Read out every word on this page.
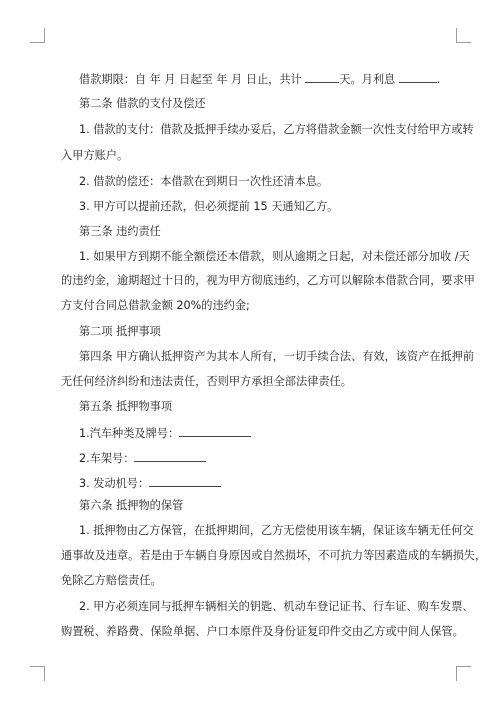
借款期限：自 年 月 日起至 年 月 日止，共计	天。月利息	.
第二条 借款的支付及偿还
1. 借款的支付：借款及抵押手续办妥后，乙方将借款金额一次性支付给甲方或转
入甲方账户。
2. 借款的偿还：本借款在到期日一次性还清本息。
3. 甲方可以提前还款，但必须提前 15 天通知乙方。
第三条 违约责任
1. 如果甲方到期不能全额偿还本借款，则从逾期之日起，对未偿还部分加收 /天
的违约金，逾期超过十日的，视为甲方彻底违约，乙方可以解除本借款合同，要求甲
方支付合同总借款金额 20%的违约金;
第二项 抵押事项
第四条 甲方确认抵押资产为其本人所有，一切手续合法、有效，该资产在抵押前
无任何经济纠纷和违法责任，否则甲方承担全部法律责任。
第五条 抵押物事项
1.汽车种类及牌号：
2.车架号：
3. 发动机号：
第六条 抵押物的保管
1. 抵押物由乙方保管，在抵押期间，乙方无偿使用该车辆，保证该车辆无任何交
通事故及违章。若是由于车辆自身原因或自然损坏，不可抗力等因素造成的车辆损失，
免除乙方赔偿责任。
2. 甲方必须连同与抵押车辆相关的钥匙、机动车登记证书、行车证、购车发票、
购置税、养路费、保险单据、户口本原件及身份证复印件交由乙方或中间人保管。
